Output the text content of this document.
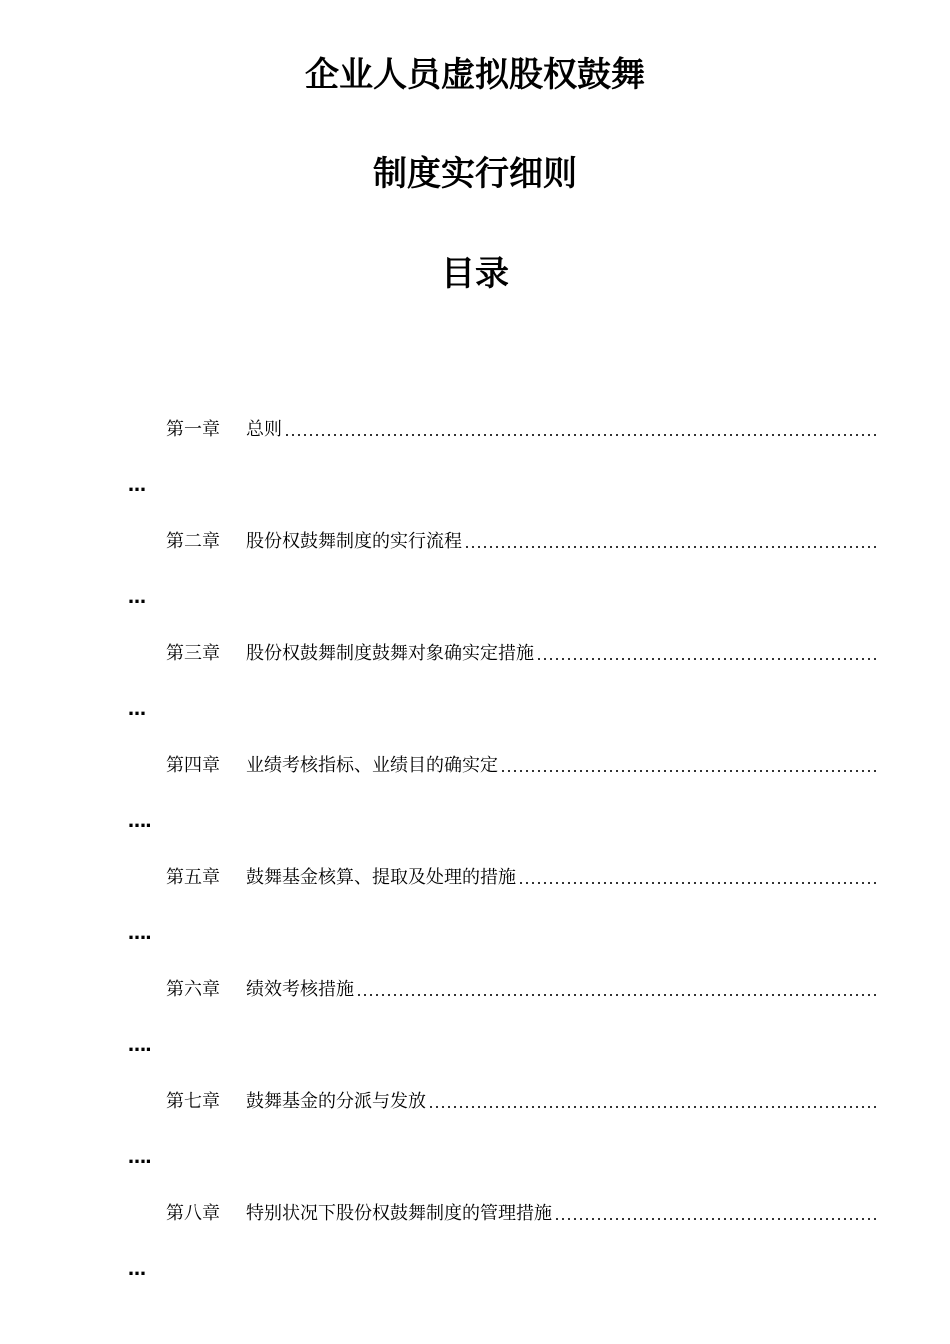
企业人员虚拟股权鼓舞
制度实行细则
目录
第一章	总则
…
第二章	股份权鼓舞制度的实行流程
…
第三章	股份权鼓舞制度鼓舞对象确实定措施
…
第四章	业绩考核指标、业绩目的确实定
….
第五章	鼓舞基金核算、提取及处理的措施
….
第六章	绩效考核措施
….
第七章	鼓舞基金的分派与发放
….
第八章	特别状况下股份权鼓舞制度的管理措施
…
